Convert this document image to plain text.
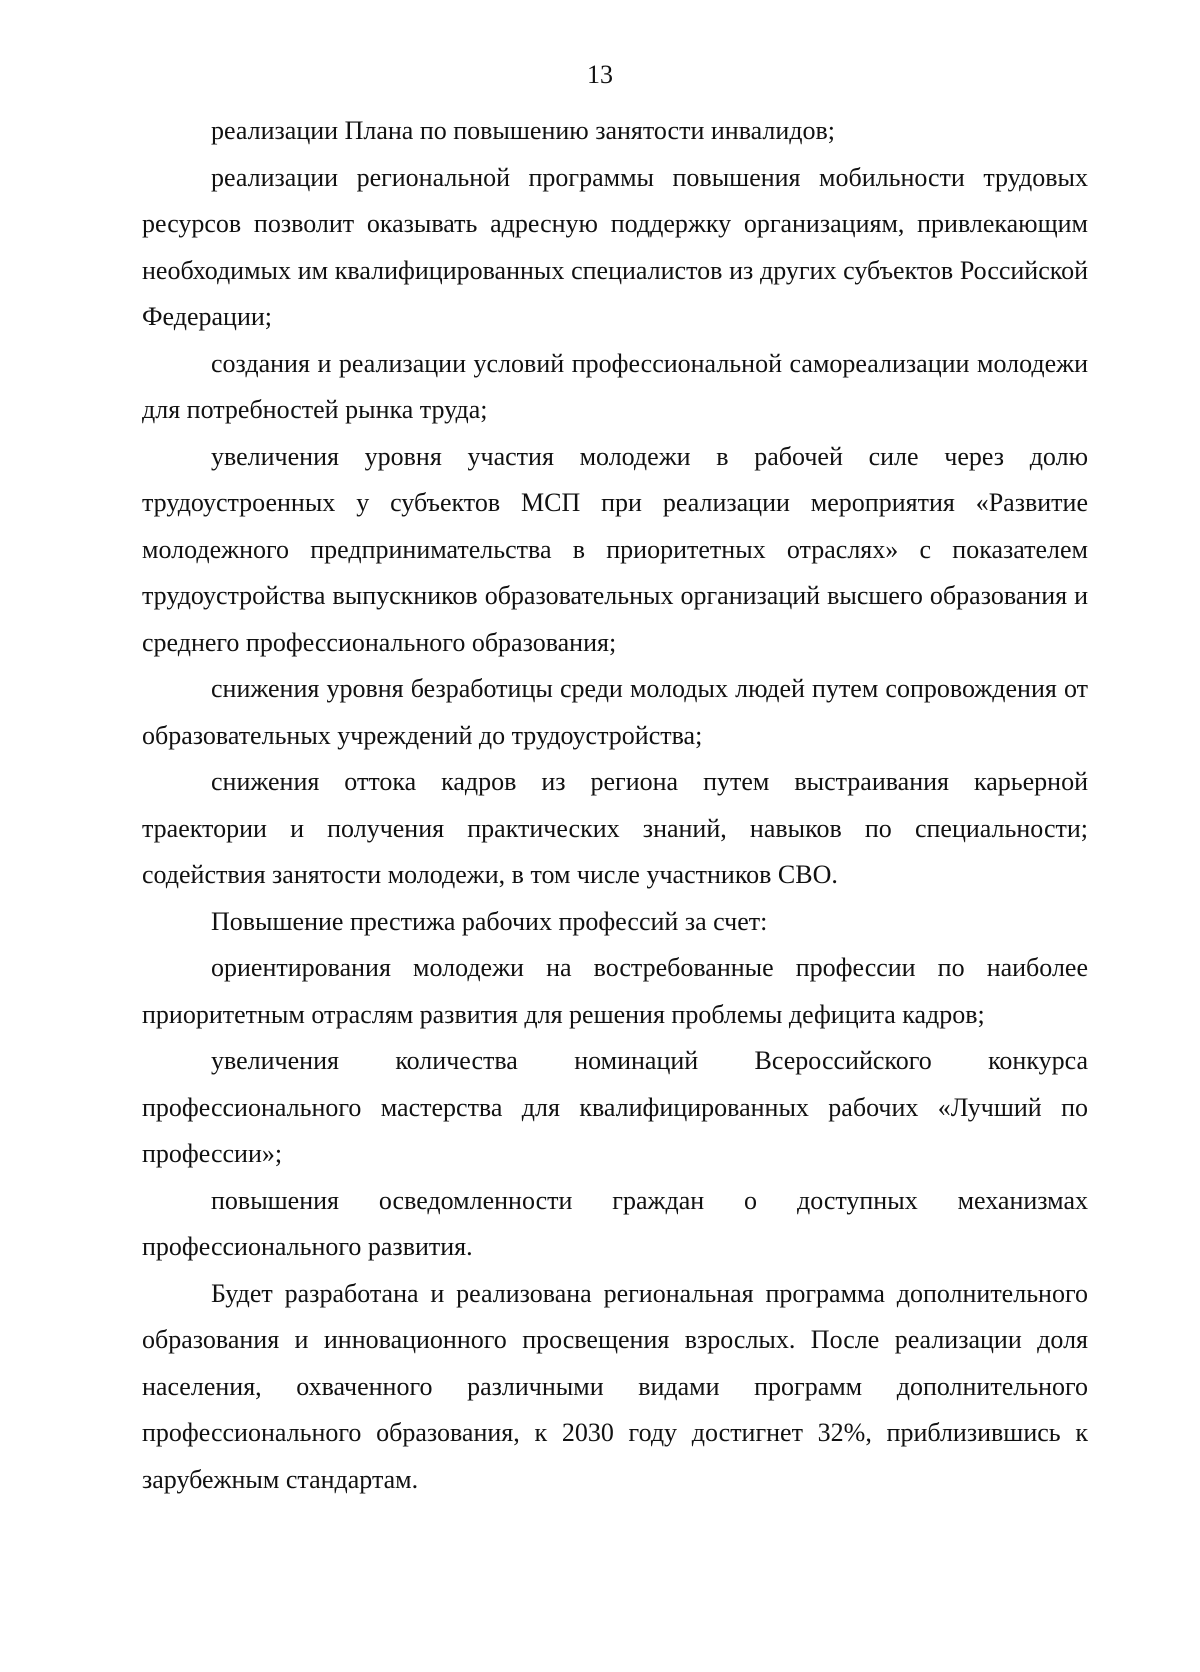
13

реализации Плана по повышению занятости инвалидов;

реализации региональной программы повышения мобильности трудовых ресурсов позволит оказывать адресную поддержку организациям, привлекающим необходимых им квалифицированных специалистов из других субъектов Российской Федерации;

создания и реализации условий профессиональной самореализации молодежи для потребностей рынка труда;

увеличения уровня участия молодежи в рабочей силе через долю трудоустроенных у субъектов МСП при реализации мероприятия «Развитие молодежного предпринимательства в приоритетных отраслях» с показателем трудоустройства выпускников образовательных организаций высшего образования и среднего профессионального образования;

снижения уровня безработицы среди молодых людей путем сопровождения от образовательных учреждений до трудоустройства;

снижения оттока кадров из региона путем выстраивания карьерной траектории и получения практических знаний, навыков по специальности; содействия занятости молодежи, в том числе участников СВО.

Повышение престижа рабочих профессий за счет:

ориентирования молодежи на востребованные профессии по наиболее приоритетным отраслям развития для решения проблемы дефицита кадров;

увеличения количества номинаций Всероссийского конкурса профессионального мастерства для квалифицированных рабочих «Лучший по профессии»;

повышения осведомленности граждан о доступных механизмах профессионального развития.

Будет разработана и реализована региональная программа дополнительного образования и инновационного просвещения взрослых. После реализации доля населения, охваченного различными видами программ дополнительного профессионального образования, к 2030 году достигнет 32%, приблизившись к зарубежным стандартам.
